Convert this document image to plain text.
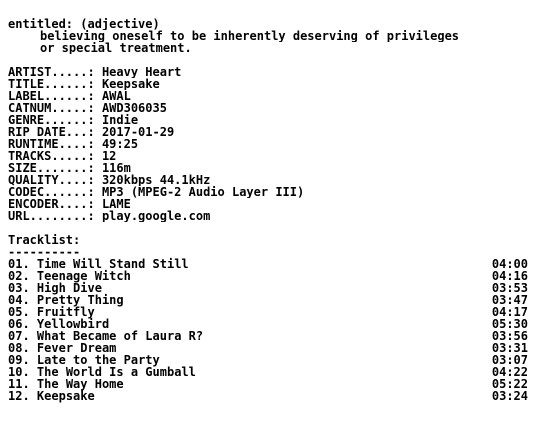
entitled: (adjective)
believing oneself to be inherently deserving of privileges
or special treatment.
ARTIST.....: Heavy Heart
TITLE......: Keepsake
LABEL......: AWAL
CATNUM.....: AWD306035
GENRE......: Indie
RIP DATE...: 2017-01-29
RUNTIME....: 49:25
TRACKS.....: 12
SIZE.......: 116m
QUALITY....: 320kbps 44.1kHz
CODEC......: MP3 (MPEG-2 Audio Layer III)
ENCODER....: LAME
URL........: play.google.com
Tracklist:
----------
01. Time Will Stand Still	04:00
02. Teenage Witch	04:16
03. High Dive	03:53
04. Pretty Thing	03:47
05. Fruitfly	04:17
06. Yellowbird	05:30
07. What Became of Laura R?	03:56
08. Fever Dream	03:31
09. Late to the Party	03:07
10. The World Is a Gumball	04:22
11. The Way Home	05:22
12. Keepsake	03:24
